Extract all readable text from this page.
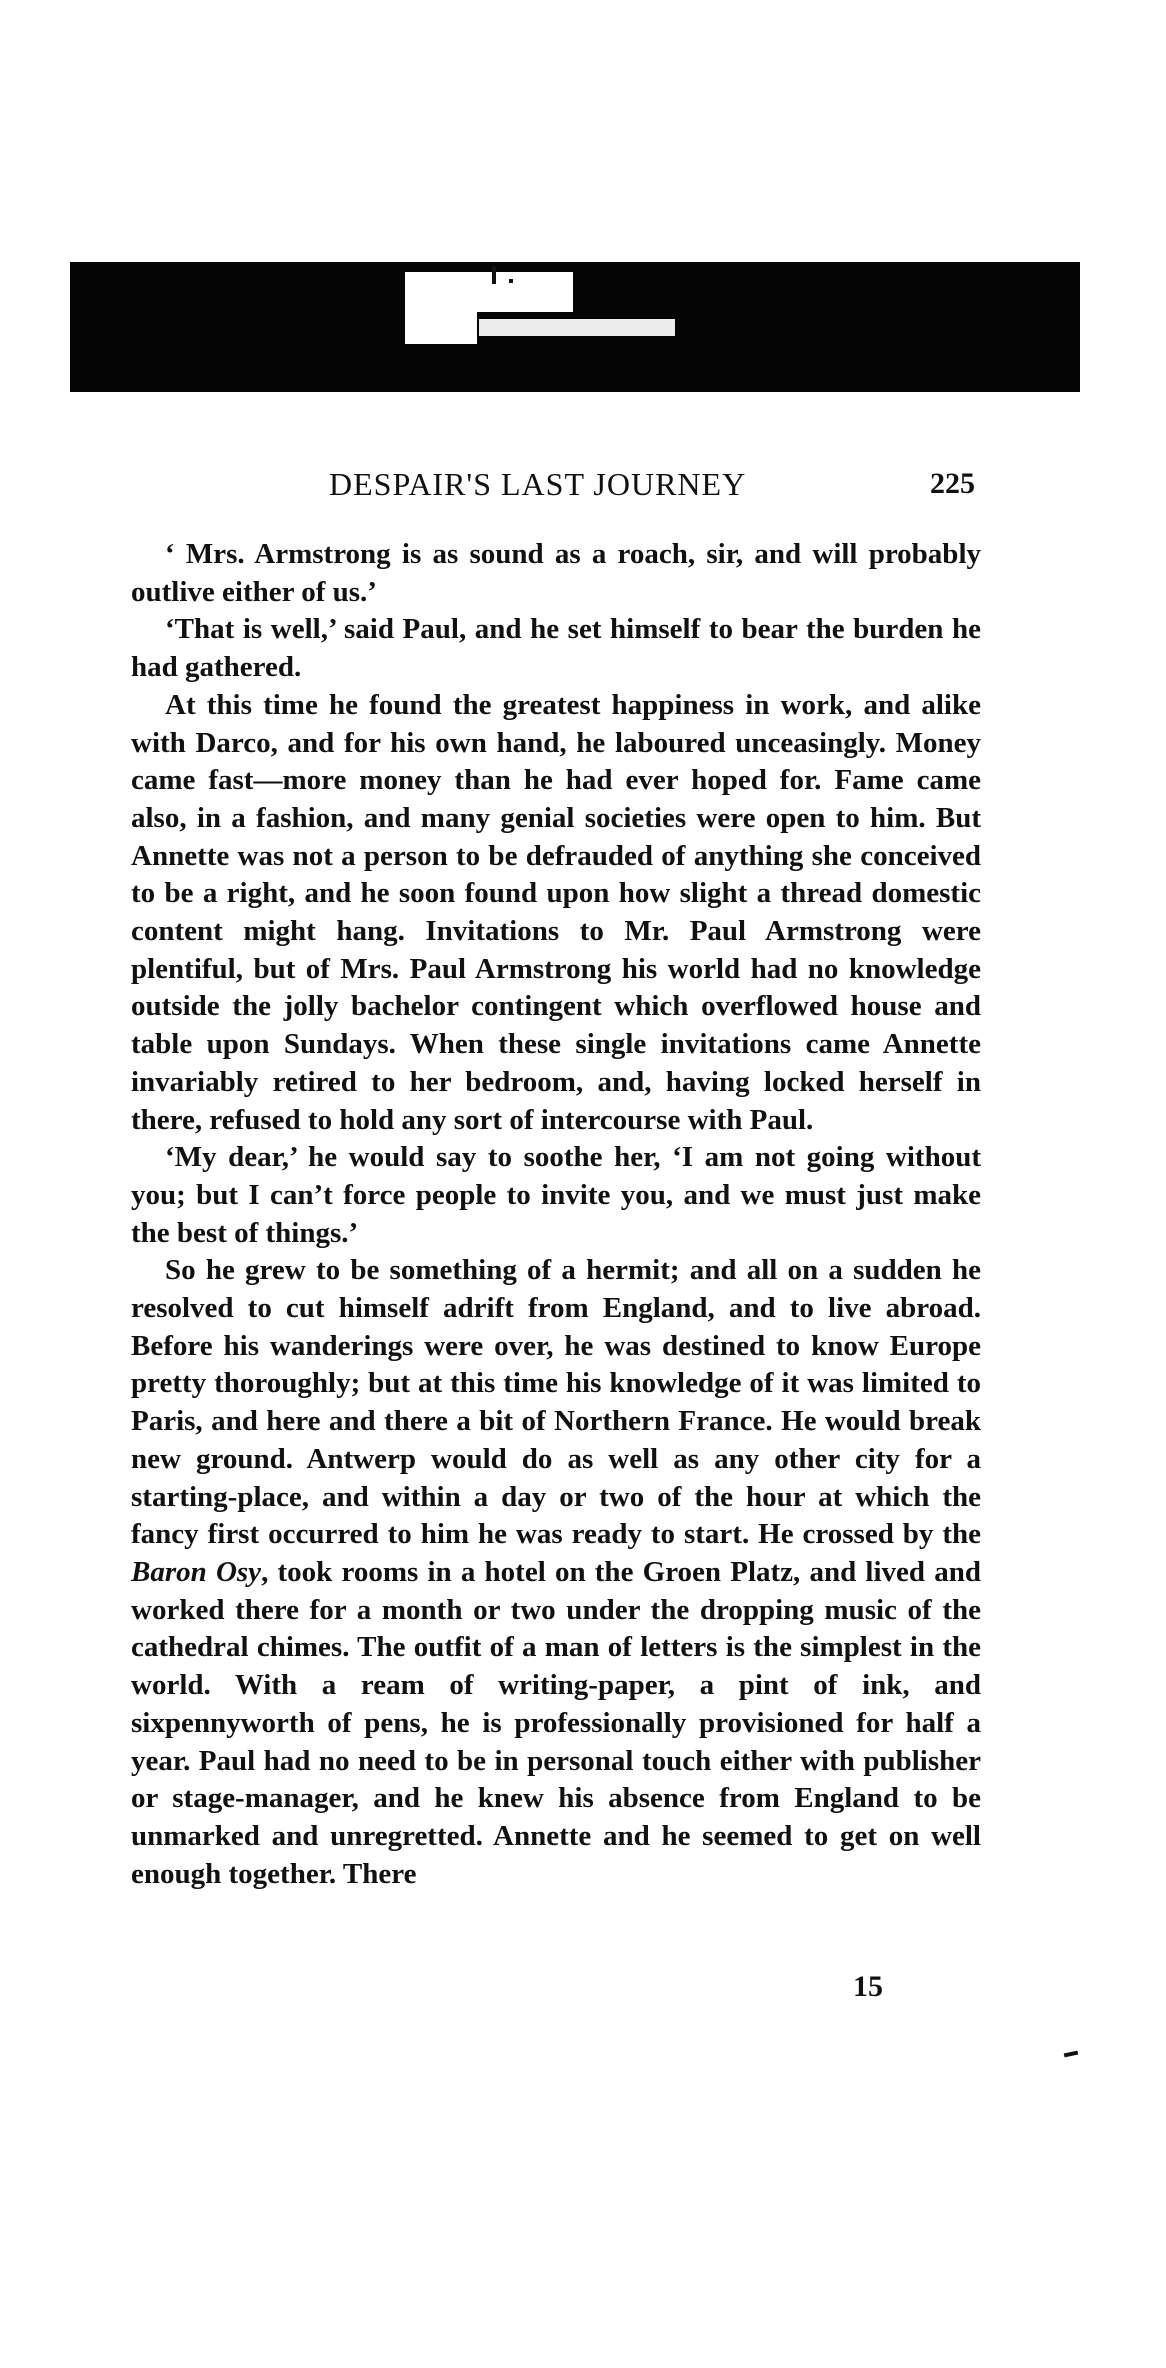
DESPAIR'S LAST JOURNEY	225

‘ Mrs. Armstrong is as sound as a roach, sir, and will probably outlive either of us.’

‘That is well,’ said Paul, and he set himself to bear the burden he had gathered.

At this time he found the greatest happiness in work, and alike with Darco, and for his own hand, he laboured unceasingly. Money came fast—more money than he had ever hoped for. Fame came also, in a fashion, and many genial societies were open to him. But Annette was not a person to be defrauded of anything she conceived to be a right, and he soon found upon how slight a thread domestic content might hang. Invitations to Mr. Paul Armstrong were plentiful, but of Mrs. Paul Armstrong his world had no knowledge outside the jolly bachelor contingent which overflowed house and table upon Sundays. When these single invitations came Annette invariably retired to her bedroom, and, having locked herself in there, refused to hold any sort of intercourse with Paul.

‘My dear,’ he would say to soothe her, ‘I am not going without you; but I can’t force people to invite you, and we must just make the best of things.’

So he grew to be something of a hermit; and all on a sudden he resolved to cut himself adrift from England, and to live abroad. Before his wanderings were over, he was destined to know Europe pretty thoroughly; but at this time his knowledge of it was limited to Paris, and here and there a bit of Northern France. He would break new ground. Antwerp would do as well as any other city for a starting-place, and within a day or two of the hour at which the fancy first occurred to him he was ready to start. He crossed by the Baron Osy, took rooms in a hotel on the Groen Platz, and lived and worked there for a month or two under the dropping music of the cathedral chimes. The outfit of a man of letters is the simplest in the world. With a ream of writing-paper, a pint of ink, and sixpennyworth of pens, he is professionally provisioned for half a year. Paul had no need to be in personal touch either with publisher or stage-manager, and he knew his absence from England to be unmarked and unregretted. Annette and he seemed to get on well enough together. There

15
